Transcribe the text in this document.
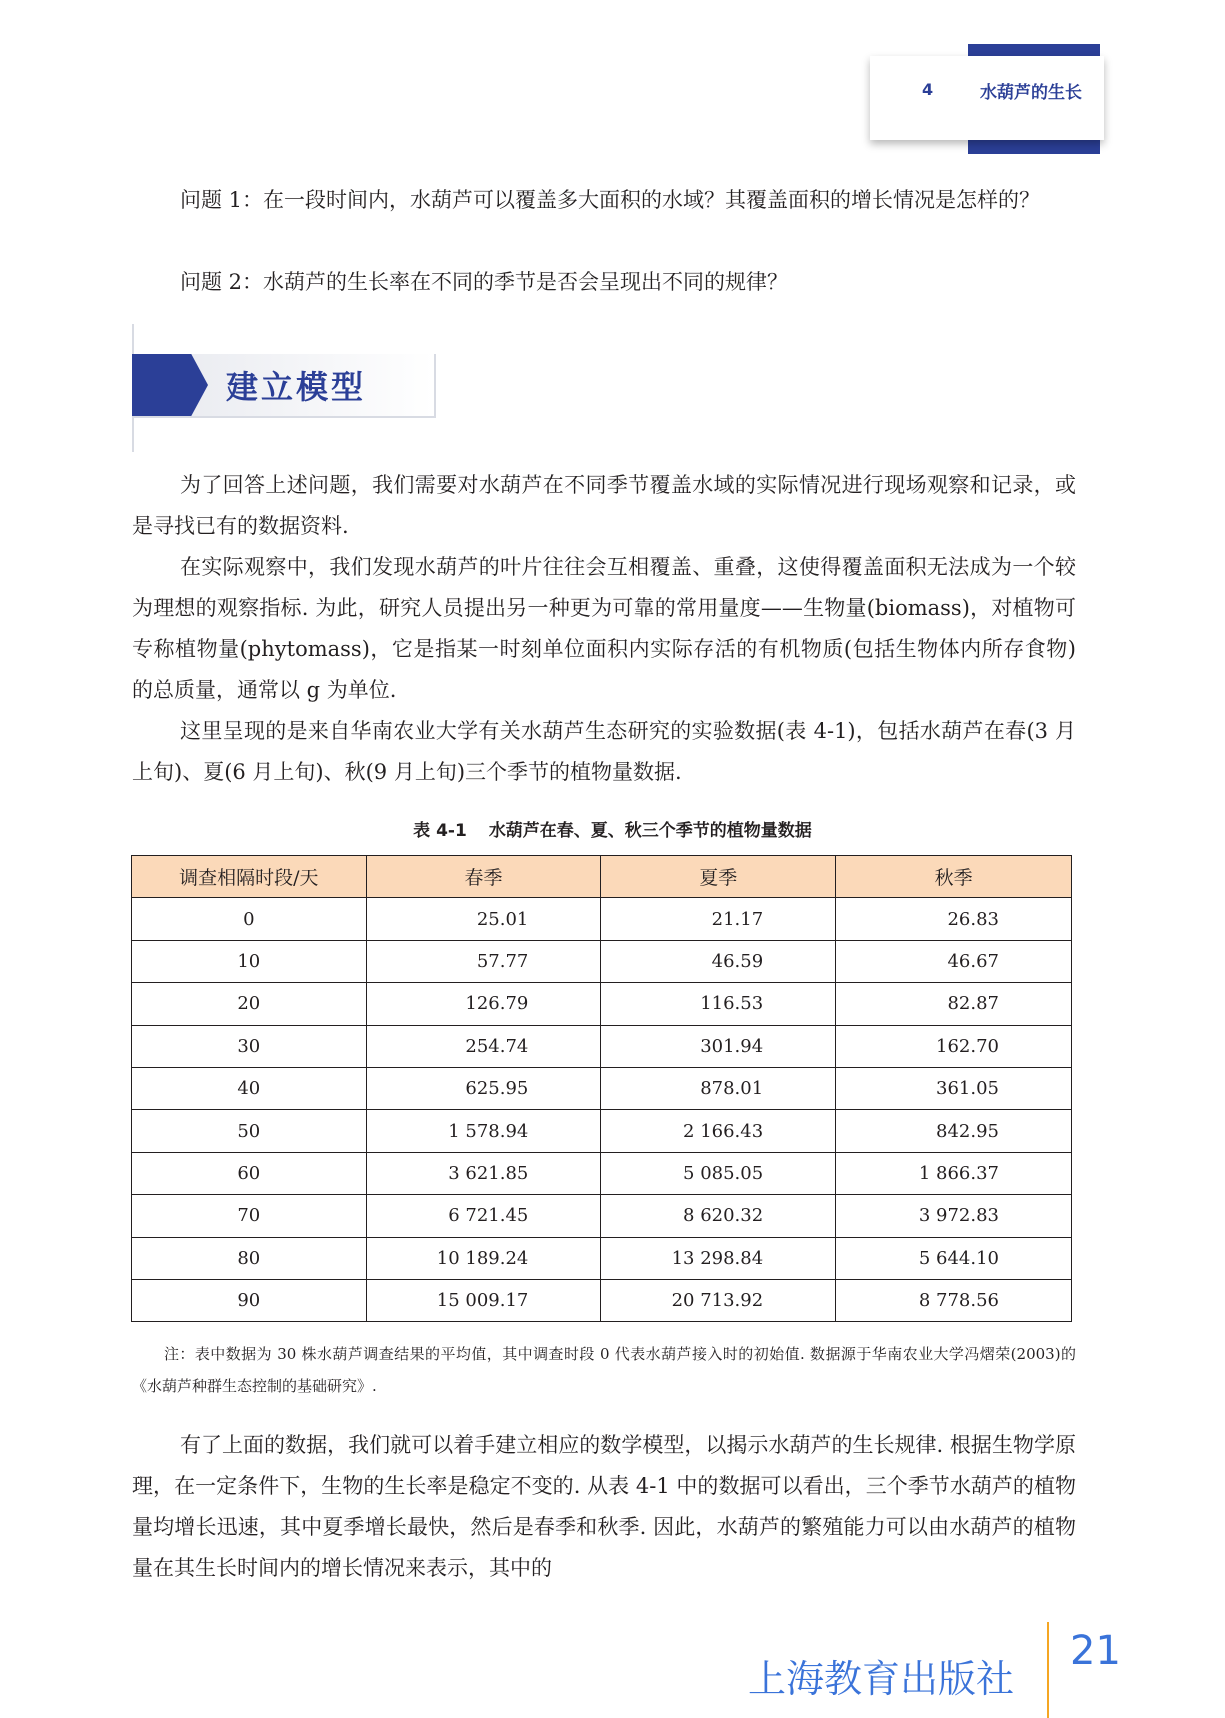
4	水葫芦的生长

问题 1：在一段时间内，水葫芦可以覆盖多大面积的水域？其覆盖面积的增长情况是怎样的？

问题 2：水葫芦的生长率在不同的季节是否会呈现出不同的规律？

建立模型

为了回答上述问题，我们需要对水葫芦在不同季节覆盖水域的实际情况进行现场观察和记录，或是寻找已有的数据资料.

在实际观察中，我们发现水葫芦的叶片往往会互相覆盖、重叠，这使得覆盖面积无法成为一个较为理想的观察指标. 为此，研究人员提出另一种更为可靠的常用量度——生物量(biomass)，对植物可专称植物量(phytomass)，它是指某一时刻单位面积内实际存活的有机物质(包括生物体内所存食物)的总质量，通常以 g 为单位.

这里呈现的是来自华南农业大学有关水葫芦生态研究的实验数据(表 4-1)，包括水葫芦在春(3 月上旬)、夏(6 月上旬)、秋(9 月上旬)三个季节的植物量数据.

表 4-1 水葫芦在春、夏、秋三个季节的植物量数据
调查相隔时段/天	春季	夏季	秋季
0	25.01	21.17	26.83
10	57.77	46.59	46.67
20	126.79	116.53	82.87
30	254.74	301.94	162.70
40	625.95	878.01	361.05
50	1 578.94	2 166.43	842.95
60	3 621.85	5 085.05	1 866.37
70	6 721.45	8 620.32	3 972.83
80	10 189.24	13 298.84	5 644.10
90	15 009.17	20 713.92	8 778.56

注：表中数据为 30 株水葫芦调查结果的平均值，其中调查时段 0 代表水葫芦接入时的初始值. 数据源于华南农业大学冯熠荣(2003)的《水葫芦种群生态控制的基础研究》.

有了上面的数据，我们就可以着手建立相应的数学模型，以揭示水葫芦的生长规律. 根据生物学原理，在一定条件下，生物的生长率是稳定不变的. 从表 4-1 中的数据可以看出，三个季节水葫芦的植物量均增长迅速，其中夏季增长最快，然后是春季和秋季. 因此，水葫芦的繁殖能力可以由水葫芦的植物量在其生长时间内的增长情况来表示，其中的

上海教育出版社
21
